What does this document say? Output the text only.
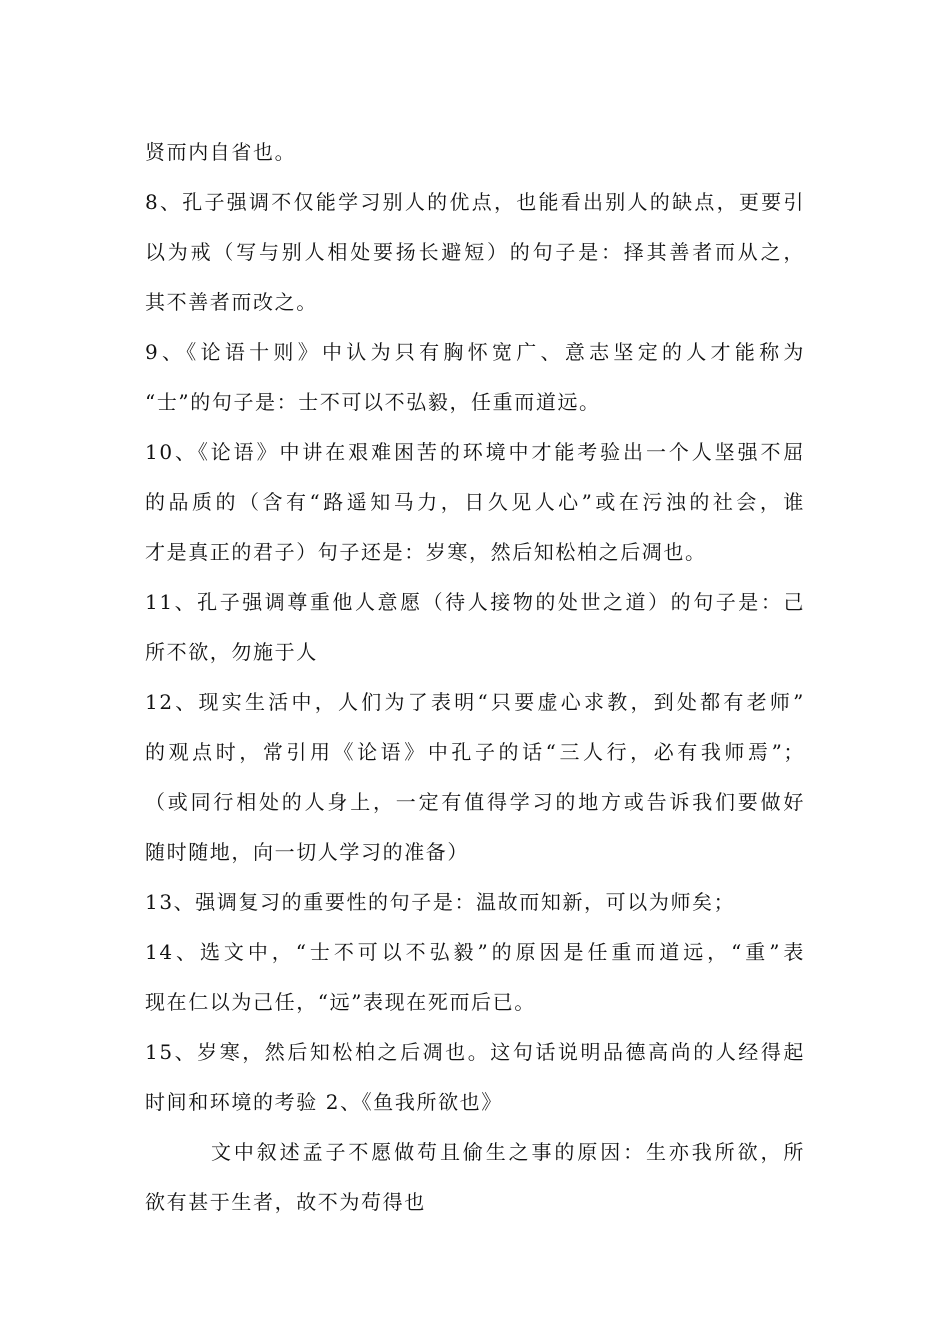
贤而内自省也。
8、孔子强调不仅能学习别人的优点，也能看出别人的缺点，更要引
以为戒（写与别人相处要扬长避短）的句子是：择其善者而从之，
其不善者而改之。
9、《论语十则》中认为只有胸怀宽广、意志坚定的人才能称为
“士”的句子是：士不可以不弘毅，任重而道远。
10、《论语》中讲在艰难困苦的环境中才能考验出一个人坚强不屈
的品质的（含有“路遥知马力，日久见人心”或在污浊的社会，谁
才是真正的君子）句子还是：岁寒，然后知松柏之后凋也。
11、孔子强调尊重他人意愿（待人接物的处世之道）的句子是：己
所不欲，勿施于人
12、现实生活中，人们为了表明“只要虚心求教，到处都有老师”
的观点时，常引用《论语》中孔子的话“三人行，必有我师焉”；
（或同行相处的人身上，一定有值得学习的地方或告诉我们要做好
随时随地，向一切人学习的准备）
13、强调复习的重要性的句子是：温故而知新，可以为师矣；
14、选文中，“士不可以不弘毅”的原因是任重而道远，“重”表
现在仁以为己任，“远”表现在死而后已。
15、岁寒，然后知松柏之后凋也。这句话说明品德高尚的人经得起
时间和环境的考验 2、《鱼我所欲也》
文中叙述孟子不愿做苟且偷生之事的原因：生亦我所欲，所
欲有甚于生者，故不为苟得也
